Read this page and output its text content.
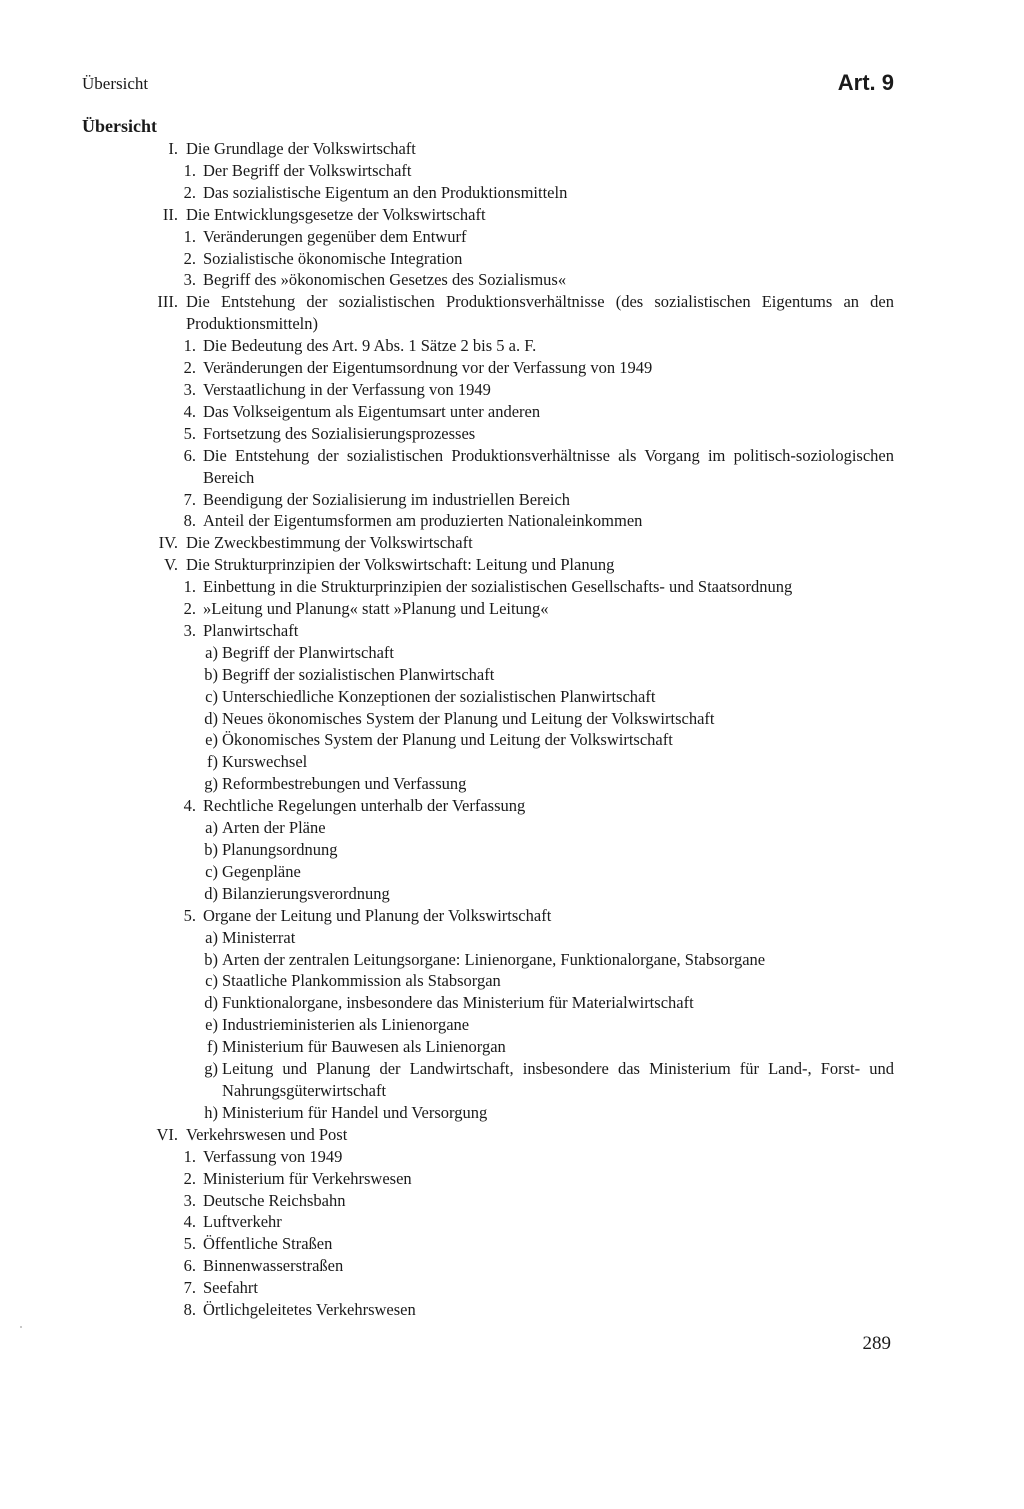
Übersicht	Art. 9
Übersicht
I. Die Grundlage der Volkswirtschaft
1. Der Begriff der Volkswirtschaft
2. Das sozialistische Eigentum an den Produktionsmitteln
II. Die Entwicklungsgesetze der Volkswirtschaft
1. Veränderungen gegenüber dem Entwurf
2. Sozialistische ökonomische Integration
3. Begriff des »ökonomischen Gesetzes des Sozialismus«
III. Die Entstehung der sozialistischen Produktionsverhältnisse (des sozialistischen Eigentums an den Produktionsmitteln)
1. Die Bedeutung des Art. 9 Abs. 1 Sätze 2 bis 5 a. F.
2. Veränderungen der Eigentumsordnung vor der Verfassung von 1949
3. Verstaatlichung in der Verfassung von 1949
4. Das Volkseigentum als Eigentumsart unter anderen
5. Fortsetzung des Sozialisierungsprozesses
6. Die Entstehung der sozialistischen Produktionsverhältnisse als Vorgang im politisch-soziologischen Bereich
7. Beendigung der Sozialisierung im industriellen Bereich
8. Anteil der Eigentumsformen am produzierten Nationaleinkommen
IV. Die Zweckbestimmung der Volkswirtschaft
V. Die Strukturprinzipien der Volkswirtschaft: Leitung und Planung
1. Einbettung in die Strukturprinzipien der sozialistischen Gesellschafts- und Staatsordnung
2. »Leitung und Planung« statt »Planung und Leitung«
3. Planwirtschaft
a) Begriff der Planwirtschaft
b) Begriff der sozialistischen Planwirtschaft
c) Unterschiedliche Konzeptionen der sozialistischen Planwirtschaft
d) Neues ökonomisches System der Planung und Leitung der Volkswirtschaft
e) Ökonomisches System der Planung und Leitung der Volkswirtschaft
f) Kurswechsel
g) Reformbestrebungen und Verfassung
4. Rechtliche Regelungen unterhalb der Verfassung
a) Arten der Pläne
b) Planungsordnung
c) Gegenpläne
d) Bilanzierungsverordnung
5. Organe der Leitung und Planung der Volkswirtschaft
a) Ministerrat
b) Arten der zentralen Leitungsorgane: Linienorgane, Funktionalorgane, Stabsorgane
c) Staatliche Plankommission als Stabsorgan
d) Funktionalorgane, insbesondere das Ministerium für Materialwirtschaft
e) Industrieministerien als Linienorgane
f) Ministerium für Bauwesen als Linienorgan
g) Leitung und Planung der Landwirtschaft, insbesondere das Ministerium für Land-, Forst- und Nahrungsgüterwirtschaft
h) Ministerium für Handel und Versorgung
VI. Verkehrswesen und Post
1. Verfassung von 1949
2. Ministerium für Verkehrswesen
3. Deutsche Reichsbahn
4. Luftverkehr
5. Öffentliche Straßen
6. Binnenwasserstraßen
7. Seefahrt
8. Örtlichgeleitetes Verkehrswesen
289
